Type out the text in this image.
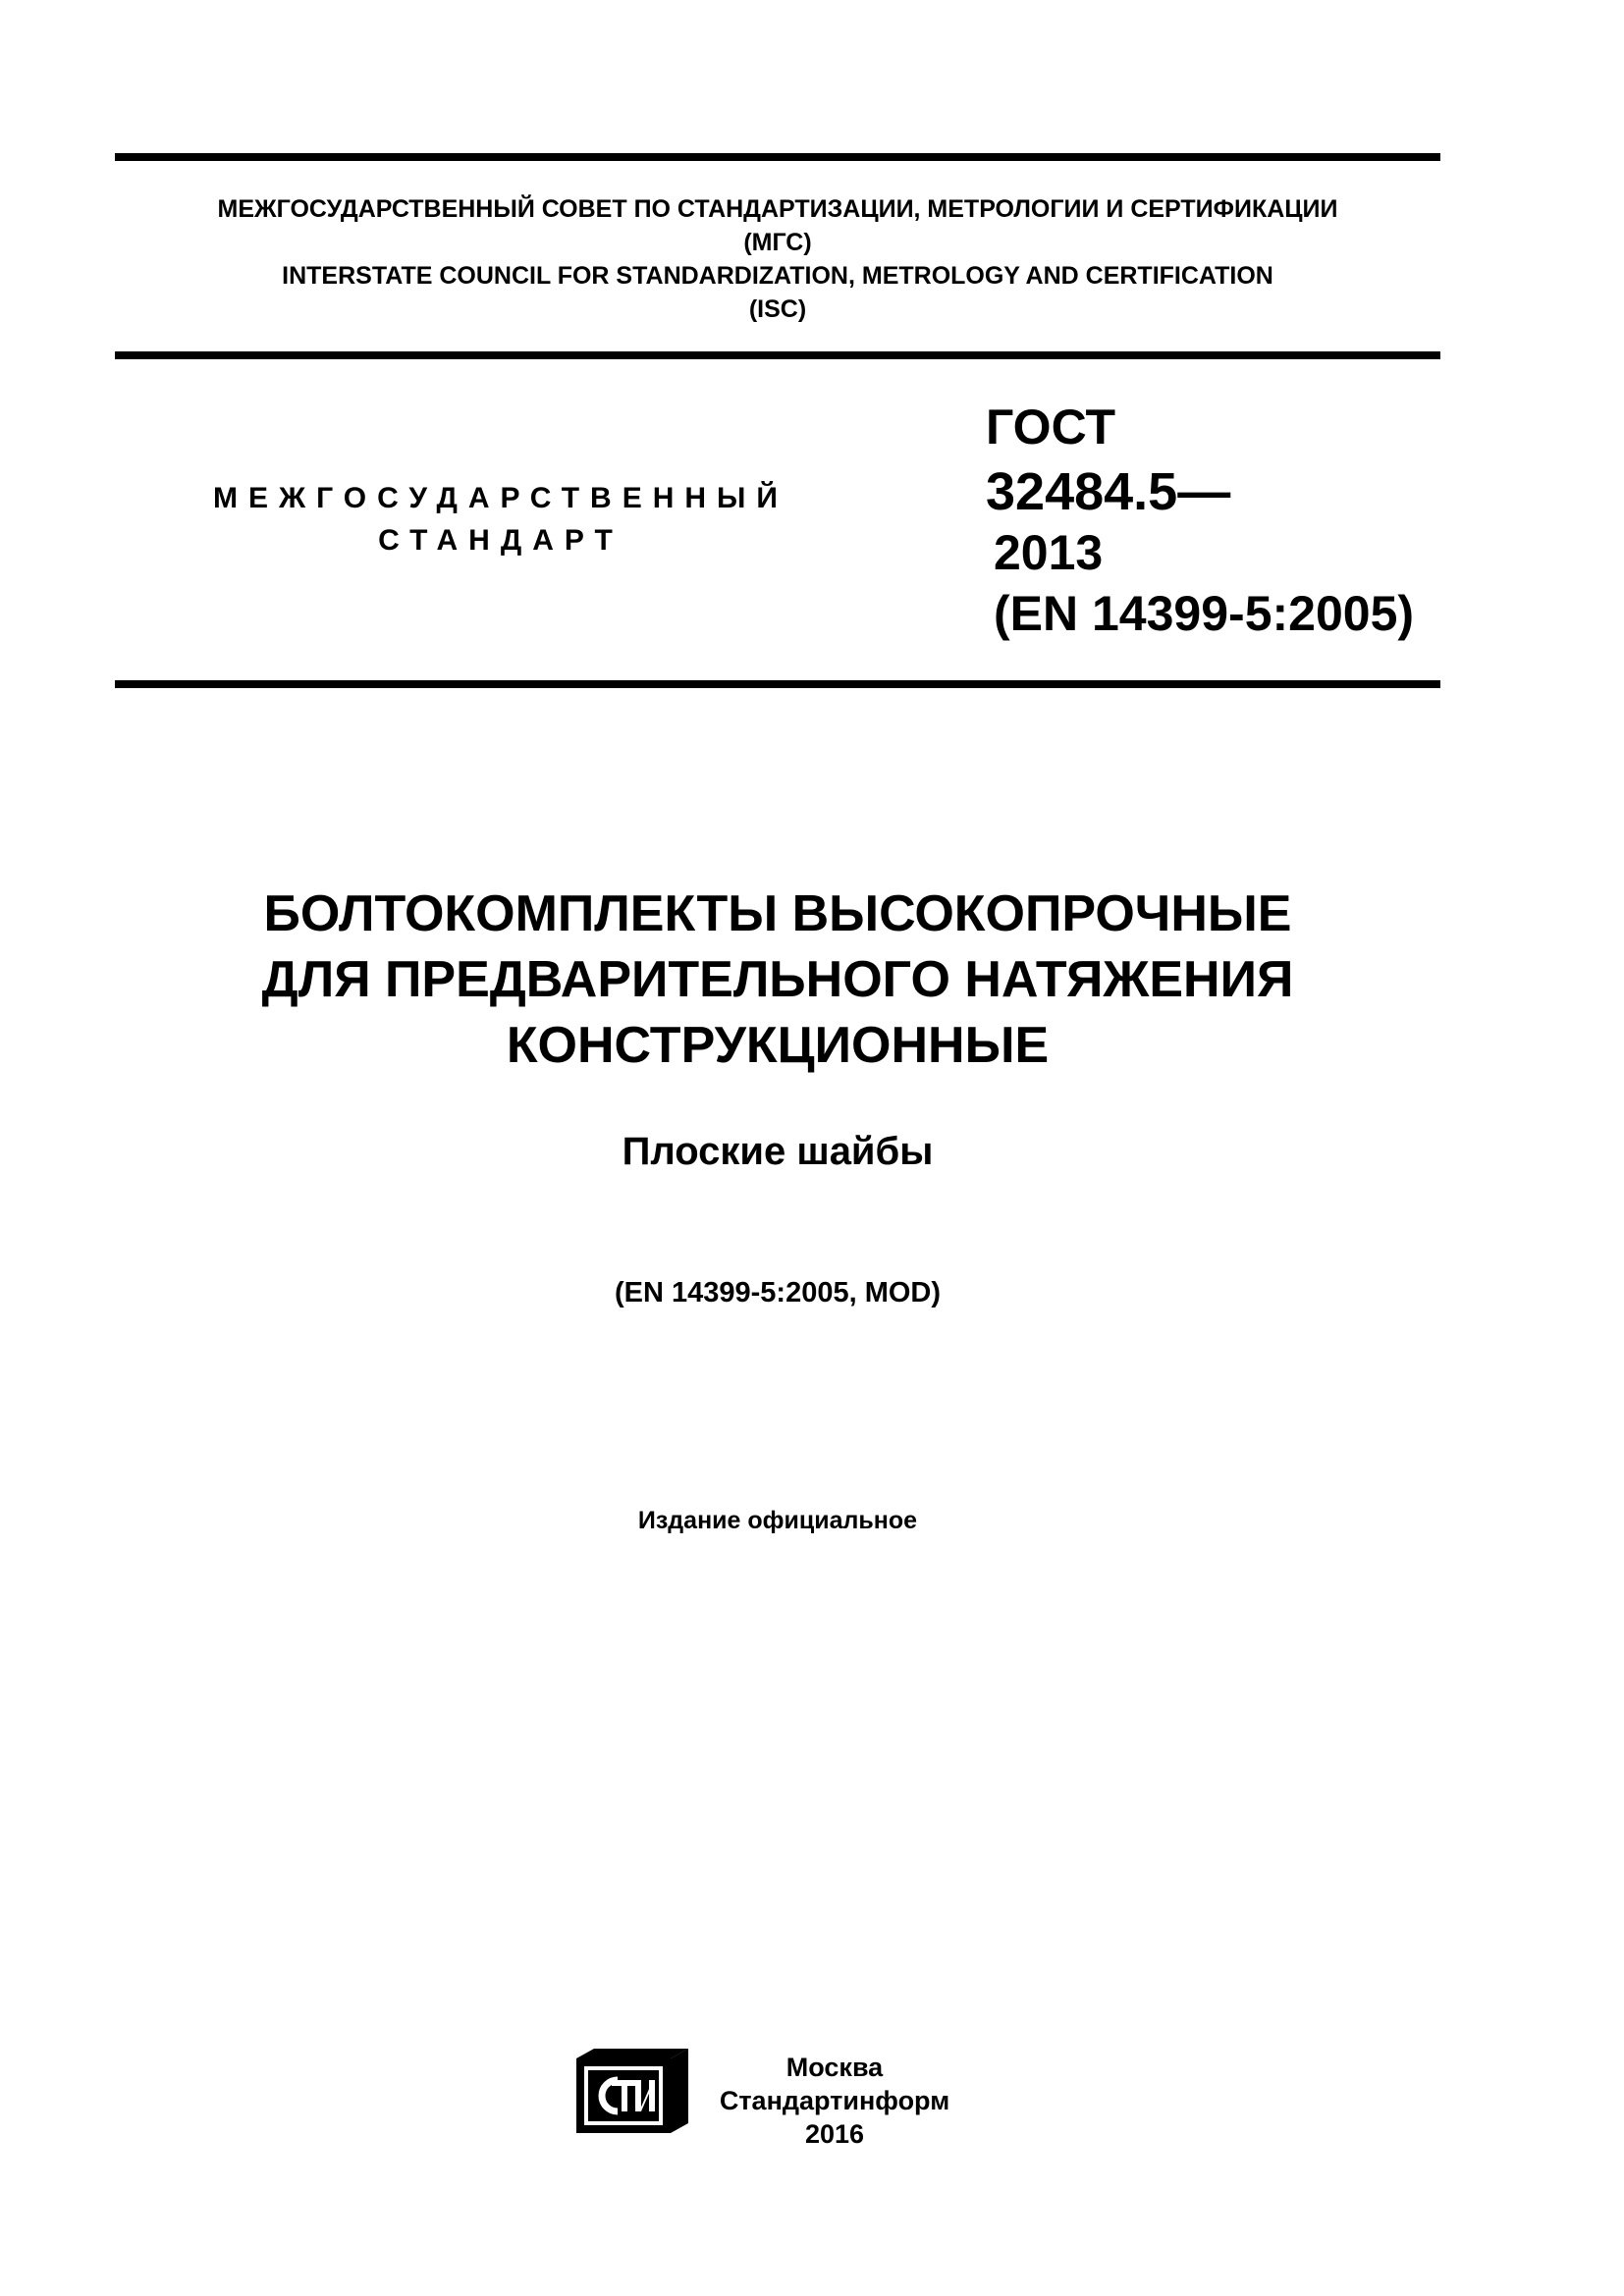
МЕЖГОСУДАРСТВЕННЫЙ СОВЕТ ПО СТАНДАРТИЗАЦИИ, МЕТРОЛОГИИ И СЕРТИФИКАЦИИ
(МГС)
INTERSTATE COUNCIL FOR STANDARDIZATION, METROLOGY AND CERTIFICATION
(ISC)
МЕЖГОСУДАРСТВЕННЫЙ
СТАНДАРТ
ГОСТ
32484.5—
2013
(EN 14399-5:2005)
БОЛТОКОМПЛЕКТЫ ВЫСОКОПРОЧНЫЕ
ДЛЯ ПРЕДВАРИТЕЛЬНОГО НАТЯЖЕНИЯ
КОНСТРУКЦИОННЫЕ
Плоские шайбы
(EN 14399-5:2005, MOD)
Издание официальное
Москва
Стандартинформ
2016
